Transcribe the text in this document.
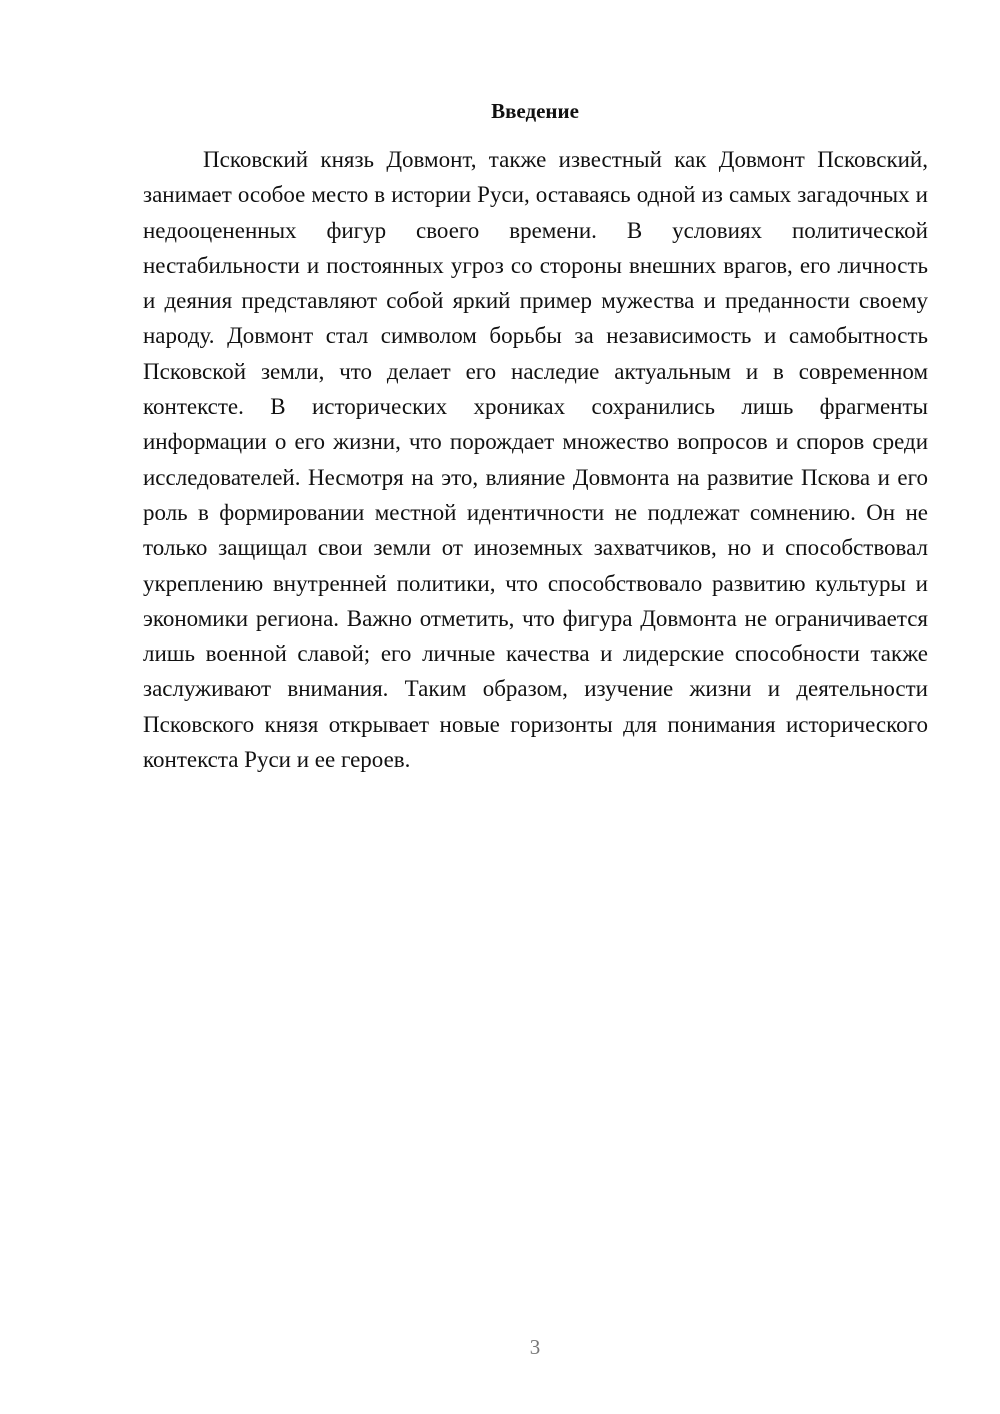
Введение

Псковский князь Довмонт, также известный как Довмонт Псковский, занимает особое место в истории Руси, оставаясь одной из самых загадочных и недооцененных фигур своего времени. В условиях политической нестабильности и постоянных угроз со стороны внешних врагов, его личность и деяния представляют собой яркий пример мужества и преданности своему народу. Довмонт стал символом борьбы за независимость и самобытность Псковской земли, что делает его наследие актуальным и в современном контексте. В исторических хрониках сохранились лишь фрагменты информации о его жизни, что порождает множество вопросов и споров среди исследователей. Несмотря на это, влияние Довмонта на развитие Пскова и его роль в формировании местной идентичности не подлежат сомнению. Он не только защищал свои земли от иноземных захватчиков, но и способствовал укреплению внутренней политики, что способствовало развитию культуры и экономики региона. Важно отметить, что фигура Довмонта не ограничивается лишь военной славой; его личные качества и лидерские способности также заслуживают внимания. Таким образом, изучение жизни и деятельности Псковского князя открывает новые горизонты для понимания исторического контекста Руси и ее героев.

3
